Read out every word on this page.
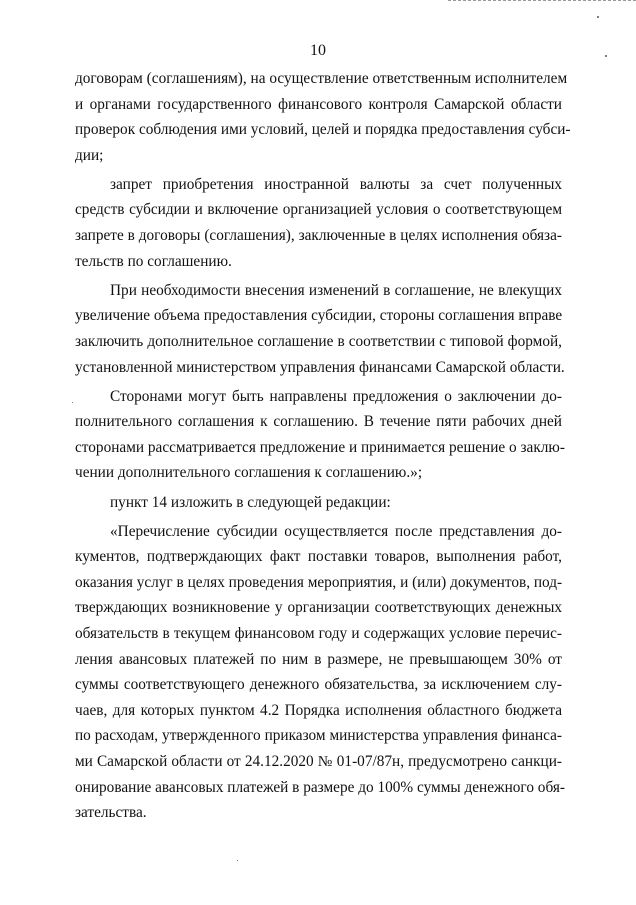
10
договорам (соглашениям), на осуществление ответственным исполнителем
и органами государственного финансового контроля Самарской области
проверок соблюдения ими условий, целей и порядка предоставления субси-
дии;
запрет приобретения иностранной валюты за счет полученных
средств субсидии и включение организацией условия о соответствующем
запрете в договоры (соглашения), заключенные в целях исполнения обяза-
тельств по соглашению.
При необходимости внесения изменений в соглашение, не влекущих
увеличение объема предоставления субсидии, стороны соглашения вправе
заключить дополнительное соглашение в соответствии с типовой формой,
установленной министерством управления финансами Самарской области.
Сторонами могут быть направлены предложения о заключении до-
полнительного соглашения к соглашению. В течение пяти рабочих дней
сторонами рассматривается предложение и принимается решение о заклю-
чении дополнительного соглашения к соглашению.»;
пункт 14 изложить в следующей редакции:
«Перечисление субсидии осуществляется после представления до-
кументов, подтверждающих факт поставки товаров, выполнения работ,
оказания услуг в целях проведения мероприятия, и (или) документов, под-
тверждающих возникновение у организации соответствующих денежных
обязательств в текущем финансовом году и содержащих условие перечис-
ления авансовых платежей по ним в размере, не превышающем 30% от
суммы соответствующего денежного обязательства, за исключением слу-
чаев, для которых пунктом 4.2 Порядка исполнения областного бюджета
по расходам, утвержденного приказом министерства управления финанса-
ми Самарской области от 24.12.2020 № 01-07/87н, предусмотрено санкци-
онирование авансовых платежей в размере до 100% суммы денежного обя-
зательства.
